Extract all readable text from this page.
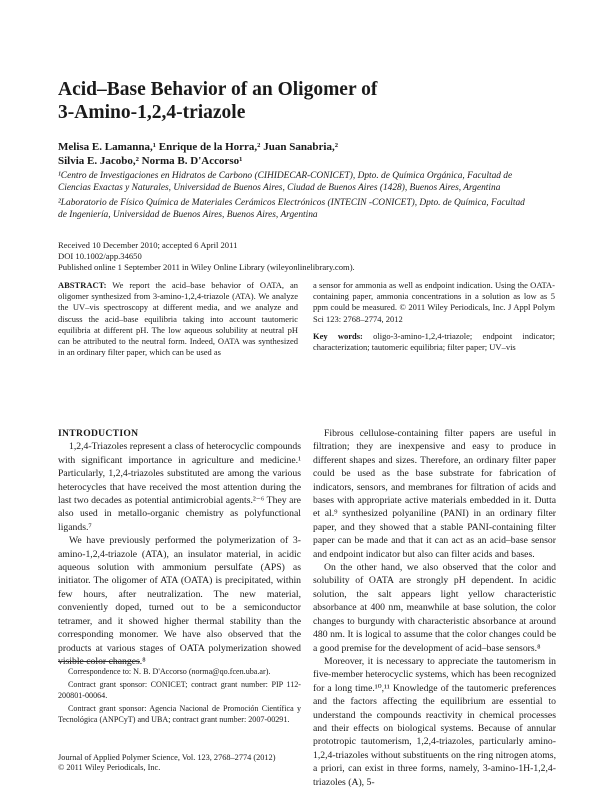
Acid–Base Behavior of an Oligomer of
3-Amino-1,2,4-triazole
Melisa E. Lamanna,¹ Enrique de la Horra,² Juan Sanabria,²
Silvia E. Jacobo,² Norma B. D'Accorso¹

¹Centro de Investigaciones en Hidratos de Carbono (CIHIDECAR-CONICET), Dpto. de Química Orgánica, Facultad de Ciencias Exactas y Naturales, Universidad de Buenos Aires, Ciudad de Buenos Aires (1428), Buenos Aires, Argentina

²Laboratorio de Físico Química de Materiales Cerámicos Electrónicos (INTECIN -CONICET), Dpto. de Química, Facultad de Ingeniería, Universidad de Buenos Aires, Buenos Aires, Argentina

Received 10 December 2010; accepted 6 April 2011
DOI 10.1002/app.34650
Published online 1 September 2011 in Wiley Online Library (wileyonlinelibrary.com).

ABSTRACT: We report the acid–base behavior of OATA, an oligomer synthesized from 3-amino-1,2,4-triazole (ATA). We analyze the UV–vis spectroscopy at different media, and we analyze and discuss the acid–base equilibria taking into account tautomeric equilibria at different pH. The low aqueous solubility at neutral pH can be attributed to the neutral form. Indeed, OATA was synthesized in an ordinary filter paper, which can be used as

a sensor for ammonia as well as endpoint indication. Using the OATA-containing paper, ammonia concentrations in a solution as low as 5 ppm could be measured. © 2011 Wiley Periodicals, Inc. J Appl Polym Sci 123: 2768–2774, 2012

Key words: oligo-3-amino-1,2,4-triazole; endpoint indicator; characterization; tautomeric equilibria; filter paper; UV–vis

INTRODUCTION

1,2,4-Triazoles represent a class of heterocyclic compounds with significant importance in agriculture and medicine.¹ Particularly, 1,2,4-triazoles substituted are among the various heterocycles that have received the most attention during the last two decades as potential antimicrobial agents.²⁻⁶ They are also used in metallo-organic chemistry as polyfunctional ligands.⁷

We have previously performed the polymerization of 3-amino-1,2,4-triazole (ATA), an insulator material, in acidic aqueous solution with ammonium persulfate (APS) as initiator. The oligomer of ATA (OATA) is precipitated, within few hours, after neutralization. The new material, conveniently doped, turned out to be a semiconductor tetramer, and it showed higher thermal stability than the corresponding monomer. We have also observed that the products at various stages of OATA polymerization showed visible color changes.⁸

Fibrous cellulose-containing filter papers are useful in filtration; they are inexpensive and easy to produce in different shapes and sizes. Therefore, an ordinary filter paper could be used as the base substrate for fabrication of indicators, sensors, and membranes for filtration of acids and bases with appropriate active materials embedded in it. Dutta et al.⁹ synthesized polyaniline (PANI) in an ordinary filter paper, and they showed that a stable PANI-containing filter paper can be made and that it can act as an acid–base sensor and endpoint indicator but also can filter acids and bases.

On the other hand, we also observed that the color and solubility of OATA are strongly pH dependent. In acidic solution, the salt appears light yellow characteristic absorbance at 400 nm, meanwhile at base solution, the color changes to burgundy with characteristic absorbance at around 480 nm. It is logical to assume that the color changes could be a good premise for the development of acid–base sensors.⁸

Moreover, it is necessary to appreciate the tautomerism in five-member heterocyclic systems, which has been recognized for a long time.¹⁰,¹¹ Knowledge of the tautomeric preferences and the factors affecting the equilibrium are essential to understand the compounds reactivity in chemical processes and their effects on biological systems. Because of annular prototropic tautomerism, 1,2,4-triazoles, particularly amino-1,2,4-triazoles without substituents on the ring nitrogen atoms, a priori, can exist in three forms, namely, 3-amino-1H-1,2,4-triazoles (A), 5-

Correspondence to: N. B. D'Accorso (norma@qo.fcen.uba.ar).

Contract grant sponsor: CONICET; contract grant number: PIP 112-200801-00064.

Contract grant sponsor: Agencia Nacional de Promoción Científica y Tecnológica (ANPCyT) and UBA; contract grant number: 2007-00291.

Journal of Applied Polymer Science, Vol. 123, 2768–2774 (2012)
© 2011 Wiley Periodicals, Inc.
